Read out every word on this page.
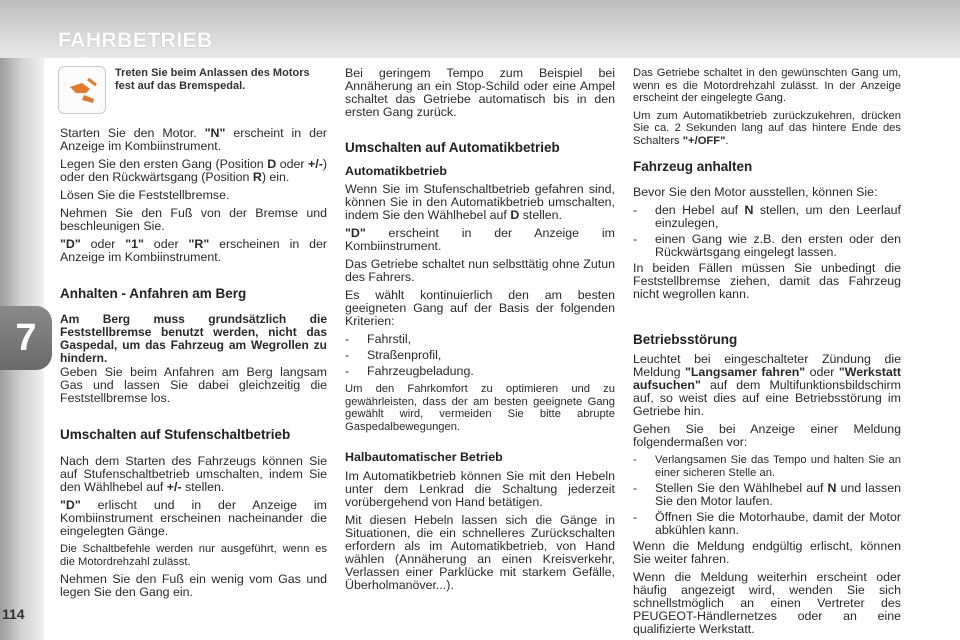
FAHRBETRIEB
7
114
Treten Sie beim Anlassen des Motors fest auf das Bremspedal.

Starten Sie den Motor. "N" erscheint in der Anzeige im Kombiinstrument.

Legen Sie den ersten Gang (Position D oder +/-) oder den Rückwärtsgang (Position R) ein.

Lösen Sie die Feststellbremse.

Nehmen Sie den Fuß von der Bremse und beschleunigen Sie.

"D" oder "1" oder "R" erscheinen in der Anzeige im Kombiinstrument.

Anhalten - Anfahren am Berg
Am Berg muss grundsätzlich die Feststellbremse benutzt werden, nicht das Gaspedal, um das Fahrzeug am Wegrollen zu hindern.
Geben Sie beim Anfahren am Berg langsam Gas und lassen Sie dabei gleichzeitig die Feststellbremse los.
Umschalten auf Stufenschaltbetrieb

Nach dem Starten des Fahrzeugs können Sie auf Stufenschaltbetrieb umschalten, indem Sie den Wählhebel auf +/- stellen.

"D" erlischt und in der Anzeige im Kombiinstrument erscheinen nacheinander die eingelegten Gänge.

Die Schaltbefehle werden nur ausgeführt, wenn es die Motordrehzahl zulässt.

Nehmen Sie den Fuß ein wenig vom Gas und legen Sie den Gang ein.

Bei geringem Tempo zum Beispiel bei Annäherung an ein Stop-Schild oder eine Ampel schaltet das Getriebe automatisch bis in den ersten Gang zurück.
Umschalten auf Automatikbetrieb

Automatikbetrieb

Wenn Sie im Stufenschaltbetrieb gefahren sind, können Sie in den Automatikbetrieb umschalten, indem Sie den Wählhebel auf D stellen.

"D" erscheint in der Anzeige im Kombiinstrument.

Das Getriebe schaltet nun selbsttätig ohne Zutun des Fahrers.

Es wählt kontinuierlich den am besten geeigneten Gang auf der Basis der folgenden Kriterien:

-	Fahrstil,
-	Straßenprofil,
-	Fahrzeugbeladung.

Um den Fahrkomfort zu optimieren und zu gewährleisten, dass der am besten geeignete Gang gewählt wird, vermeiden Sie bitte abrupte Gaspedalbewegungen.

Halbautomatischer Betrieb

Im Automatikbetrieb können Sie mit den Hebeln unter dem Lenkrad die Schaltung jederzeit vorübergehend von Hand betätigen.

Mit diesen Hebeln lassen sich die Gänge in Situationen, die ein schnelleres Zurückschalten erfordern als im Automatikbetrieb, von Hand wählen (Annäherung an einen Kreisverkehr, Verlassen einer Parklücke mit starkem Gefälle, Überholmanöver...).

Das Getriebe schaltet in den gewünschten Gang um, wenn es die Motordrehzahl zulässt. In der Anzeige erscheint der eingelegte Gang.

Um zum Automatikbetrieb zurückzukehren, drücken Sie ca. 2 Sekunden lang auf das hintere Ende des Schalters "+/OFF".

Fahrzeug anhalten

Bevor Sie den Motor ausstellen, können Sie:

-	den Hebel auf N stellen, um den Leerlauf einzulegen,
-	einen Gang wie z.B. den ersten oder den Rückwärtsgang eingelegt lassen.

In beiden Fällen müssen Sie unbedingt die Feststellbremse ziehen, damit das Fahrzeug nicht wegrollen kann.

Betriebsstörung

Leuchtet bei eingeschalteter Zündung die Meldung "Langsamer fahren" oder "Werkstatt aufsuchen" auf dem Multifunktionsbildschirm auf, so weist dies auf eine Betriebsstörung im Getriebe hin.

Gehen Sie bei Anzeige einer Meldung folgendermaßen vor:

-	Verlangsamen Sie das Tempo und halten Sie an einer sicheren Stelle an.
-	Stellen Sie den Wählhebel auf N und lassen Sie den Motor laufen.
-	Öffnen Sie die Motorhaube, damit der Motor abkühlen kann.

Wenn die Meldung endgültig erlischt, können Sie weiter fahren.

Wenn die Meldung weiterhin erscheint oder häufig angezeigt wird, wenden Sie sich schnellstmöglich an einen Vertreter des PEUGEOT-Händlernetzes oder an eine qualifizierte Werkstatt.
